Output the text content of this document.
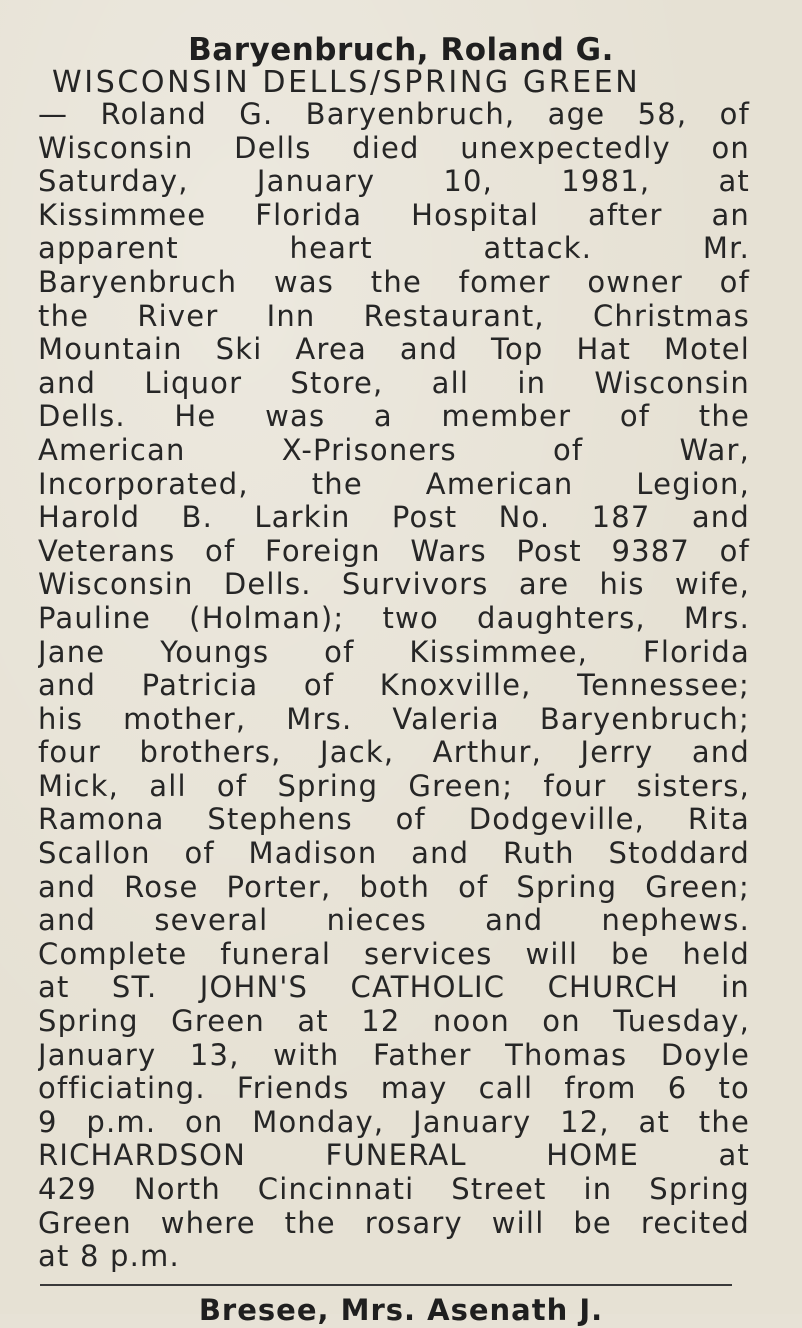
Baryenbruch, Roland G.
WISCONSIN DELLS/SPRING GREEN
— Roland G. Baryenbruch, age 58, of
Wisconsin Dells died unexpectedly on
Saturday, January 10, 1981, at
Kissimmee Florida Hospital after an
apparent heart attack. Mr.
Baryenbruch was the fomer owner of
the River Inn Restaurant, Christmas
Mountain Ski Area and Top Hat Motel
and Liquor Store, all in Wisconsin
Dells. He was a member of the
American X-Prisoners of War,
Incorporated, the American Legion,
Harold B. Larkin Post No. 187 and
Veterans of Foreign Wars Post 9387 of
Wisconsin Dells. Survivors are his wife,
Pauline (Holman); two daughters, Mrs.
Jane Youngs of Kissimmee, Florida
and Patricia of Knoxville, Tennessee;
his mother, Mrs. Valeria Baryenbruch;
four brothers, Jack, Arthur, Jerry and
Mick, all of Spring Green; four sisters,
Ramona Stephens of Dodgeville, Rita
Scallon of Madison and Ruth Stoddard
and Rose Porter, both of Spring Green;
and several nieces and nephews.
Complete funeral services will be held
at ST. JOHN'S CATHOLIC CHURCH in
Spring Green at 12 noon on Tuesday,
January 13, with Father Thomas Doyle
officiating. Friends may call from 6 to
9 p.m. on Monday, January 12, at the
RICHARDSON FUNERAL HOME at
429 North Cincinnati Street in Spring
Green where the rosary will be recited
at 8 p.m.
Bresee, Mrs. Asenath J.
